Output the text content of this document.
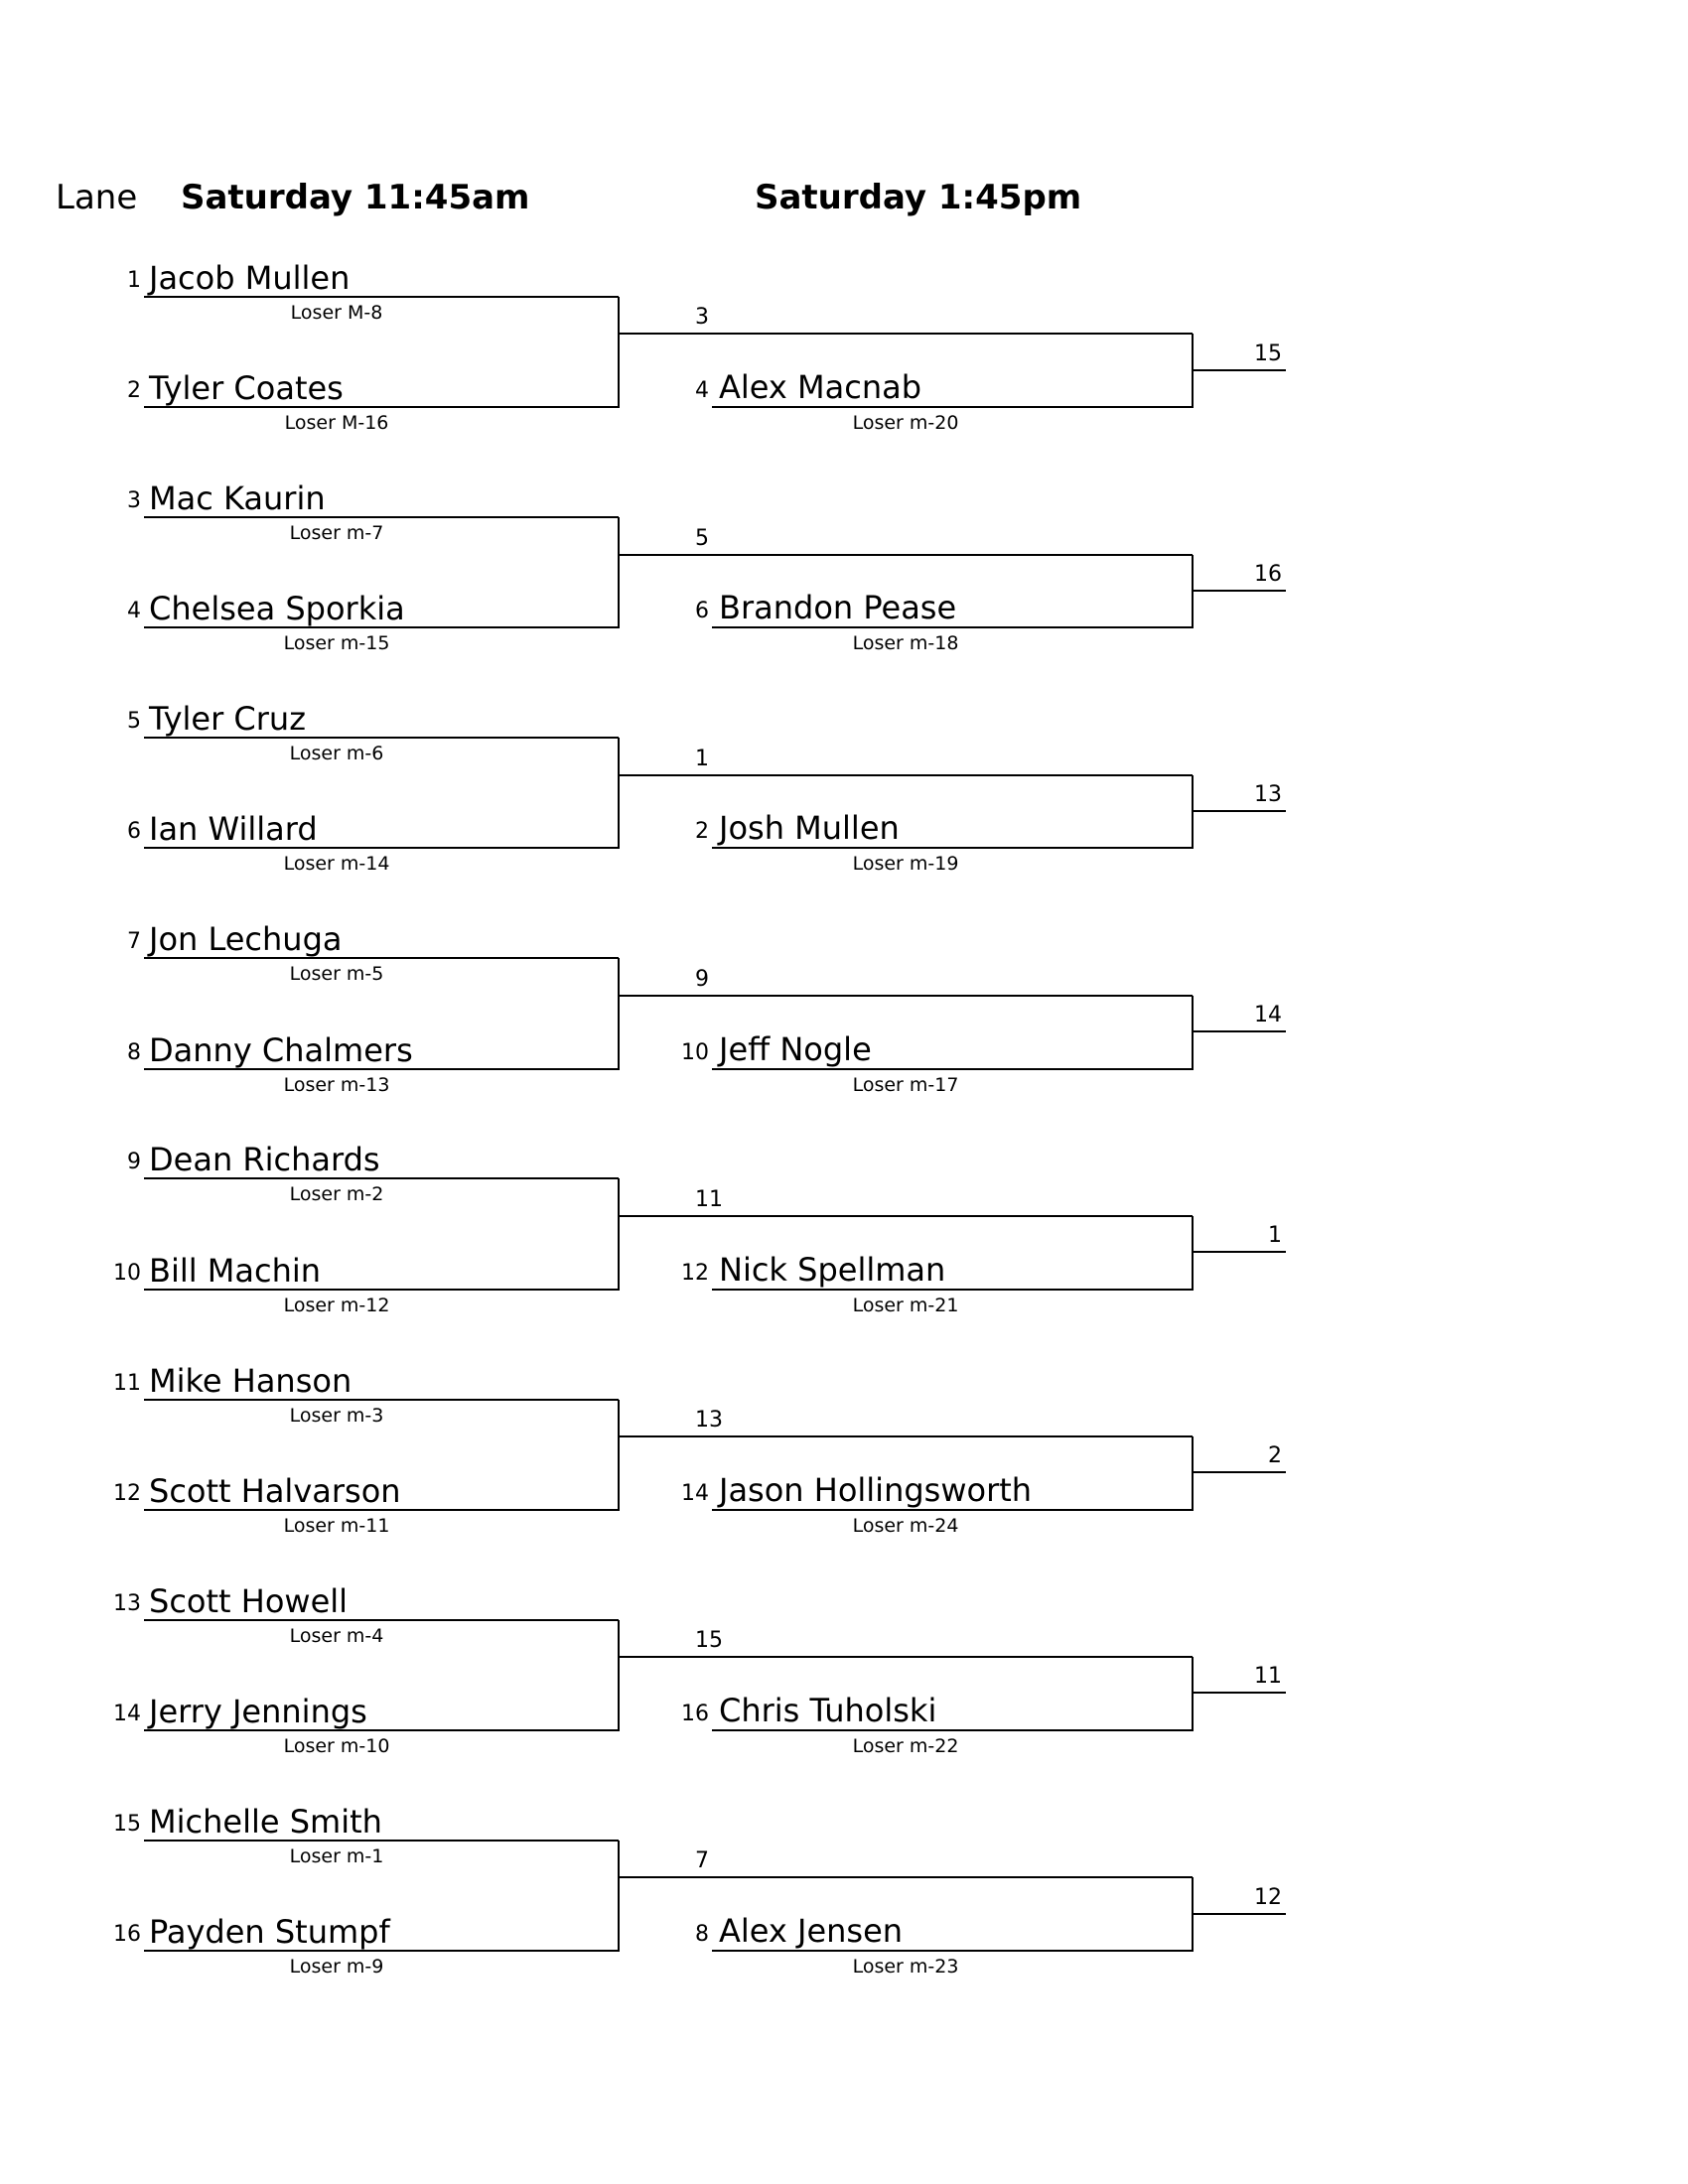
Lane Saturday 11:45am	Saturday 1:45pm
1 Jacob Mullen
Loser M-8
2 Tyler Coates
Loser M-16
3
4 Alex Macnab
Loser m-20
15
3 Mac Kaurin
Loser m-7
4 Chelsea Sporkia
Loser m-15
5
6 Brandon Pease
Loser m-18
16
5 Tyler Cruz
Loser m-6
6 Ian Willard
Loser m-14
1
2 Josh Mullen
Loser m-19
13
7 Jon Lechuga
Loser m-5
8 Danny Chalmers
Loser m-13
9
10 Jeff Nogle
Loser m-17
14
9 Dean Richards
Loser m-2
10 Bill Machin
Loser m-12
11
12 Nick Spellman
Loser m-21
1
11 Mike Hanson
Loser m-3
12 Scott Halvarson
Loser m-11
13
14 Jason Hollingsworth
Loser m-24
2
13 Scott Howell
Loser m-4
14 Jerry Jennings
Loser m-10
15
16 Chris Tuholski
Loser m-22
11
15 Michelle Smith
Loser m-1
16 Payden Stumpf
Loser m-9
7
8 Alex Jensen
Loser m-23
12
